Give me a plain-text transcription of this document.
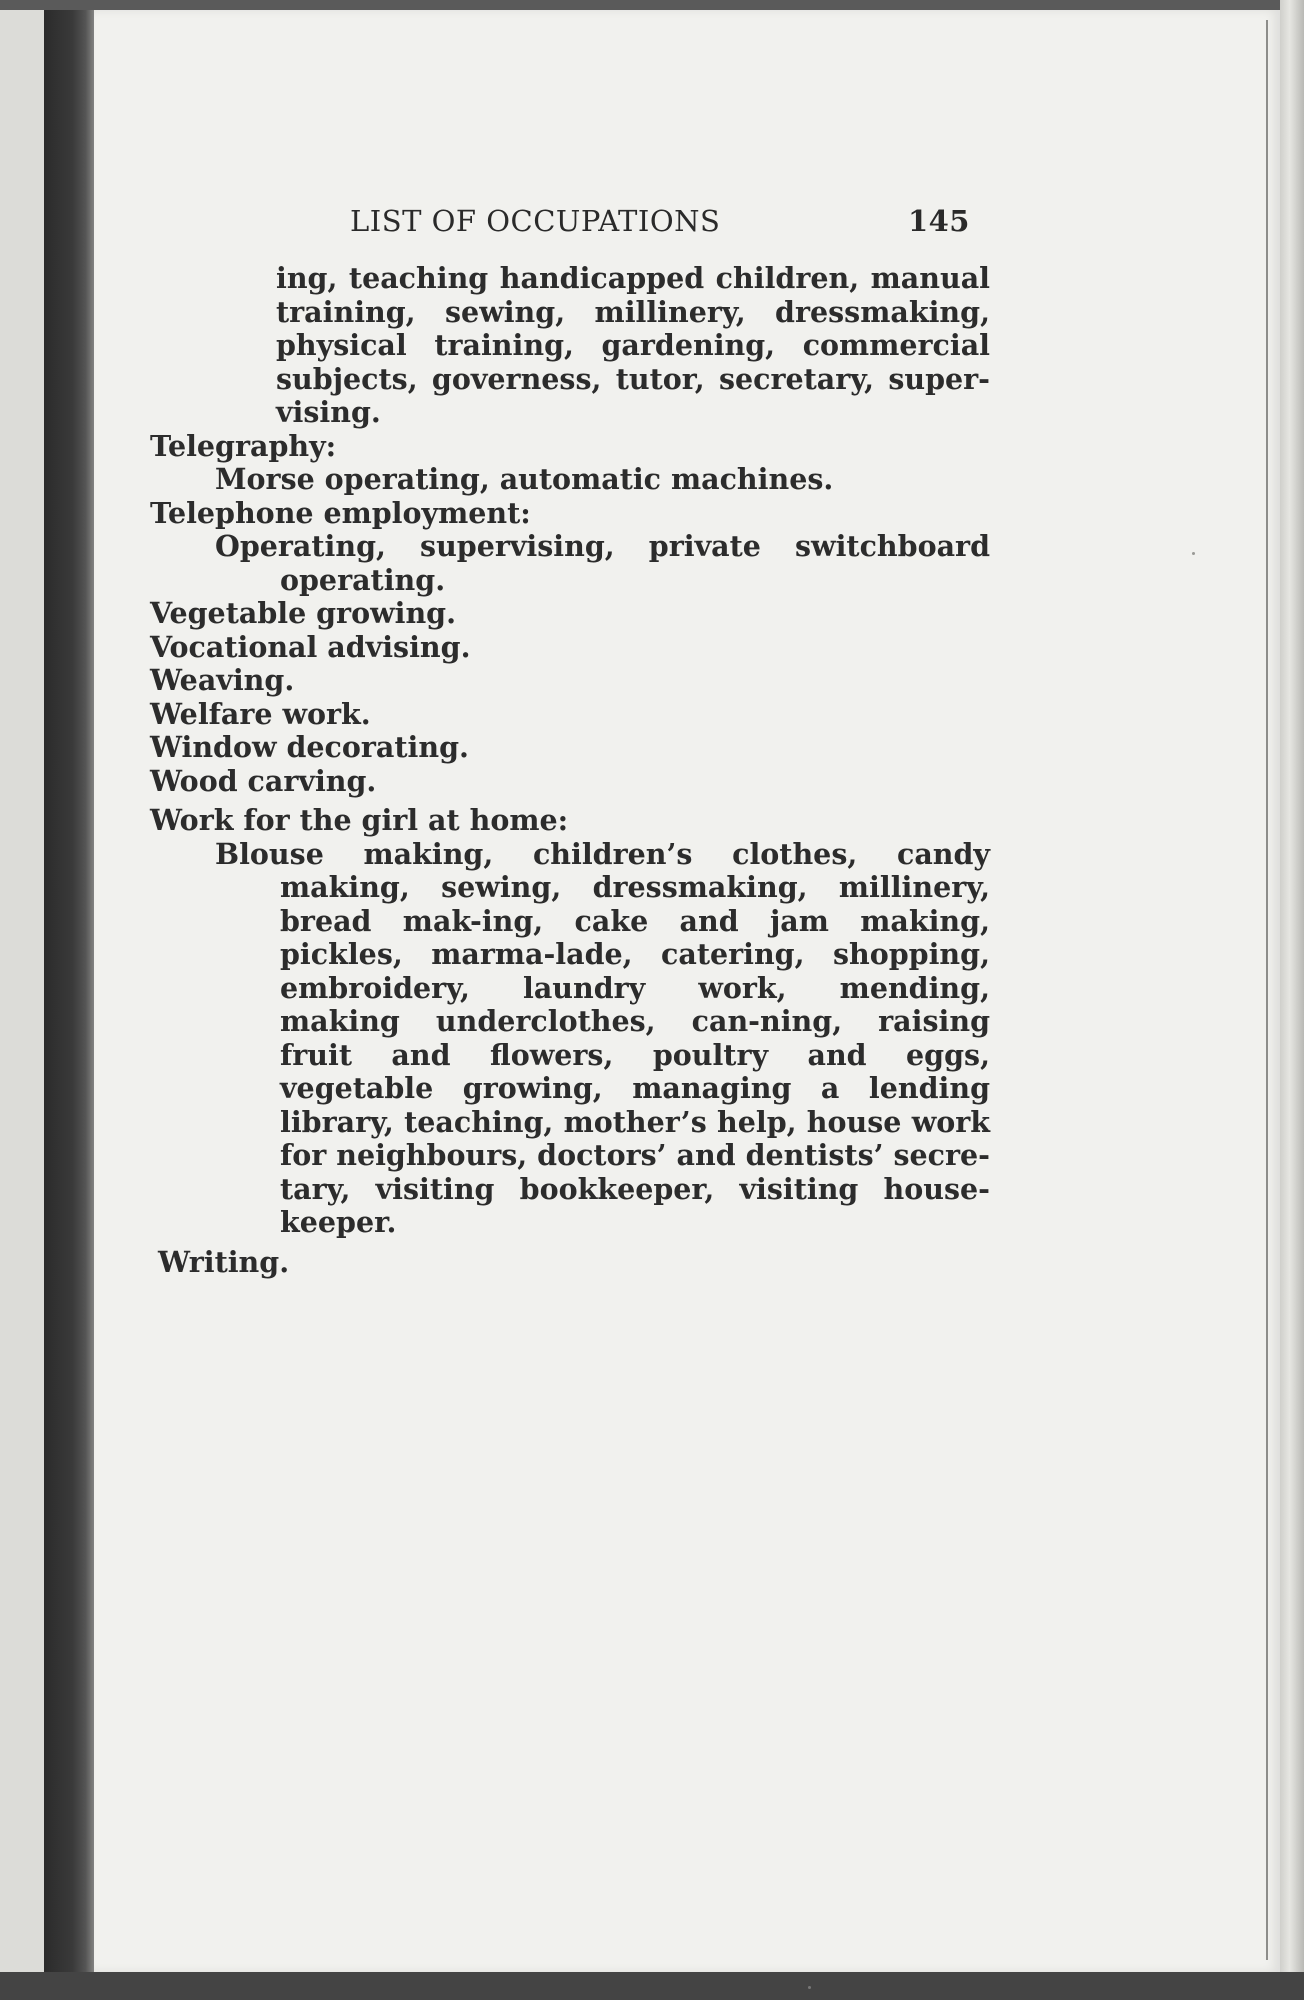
LIST OF OCCUPATIONS	145

ing, teaching handicapped children, manual training, sewing, millinery, dressmaking, physical training, gardening, commercial subjects, governess, tutor, secretary, super-vising.

Telegraphy:

Morse operating, automatic machines.

Telephone employment:

Operating, supervising, private switchboard operating.

Vegetable growing.

Vocational advising.

Weaving.

Welfare work.

Window decorating.

Wood carving.

Work for the girl at home:

Blouse making, children’s clothes, candy making, sewing, dressmaking, millinery, bread mak-ing, cake and jam making, pickles, marma-lade, catering, shopping, embroidery, laundry work, mending, making underclothes, can-ning, raising fruit and flowers, poultry and eggs, vegetable growing, managing a lending library, teaching, mother’s help, house work for neighbours, doctors’ and dentists’ secre-tary, visiting bookkeeper, visiting house-keeper.

Writing.
